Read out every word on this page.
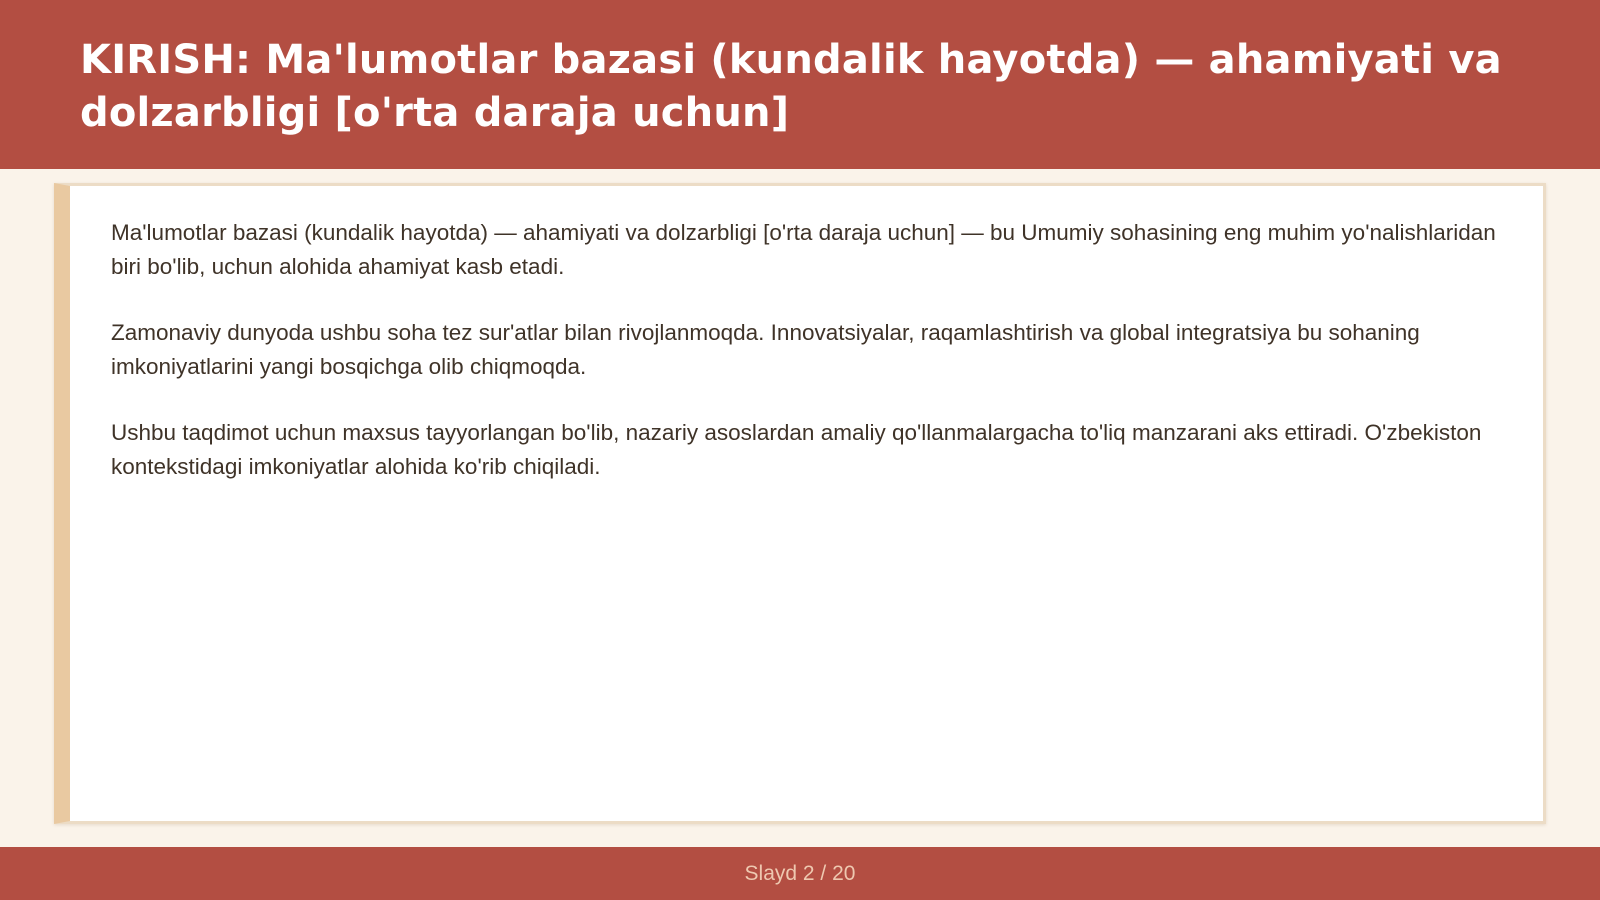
KIRISH: Ma'lumotlar bazasi (kundalik hayotda) — ahamiyati va dolzarbligi [o'rta daraja uchun]

Ma'lumotlar bazasi (kundalik hayotda) — ahamiyati va dolzarbligi [o'rta daraja uchun] — bu Umumiy sohasining eng muhim yo'nalishlaridan biri bo'lib, uchun alohida ahamiyat kasb etadi.

Zamonaviy dunyoda ushbu soha tez sur'atlar bilan rivojlanmoqda. Innovatsiyalar, raqamlashtirish va global integratsiya bu sohaning imkoniyatlarini yangi bosqichga olib chiqmoqda.

Ushbu taqdimot uchun maxsus tayyorlangan bo'lib, nazariy asoslardan amaliy qo'llanmalargacha to'liq manzarani aks ettiradi. O'zbekiston kontekstidagi imkoniyatlar alohida ko'rib chiqiladi.

Slayd 2 / 20
